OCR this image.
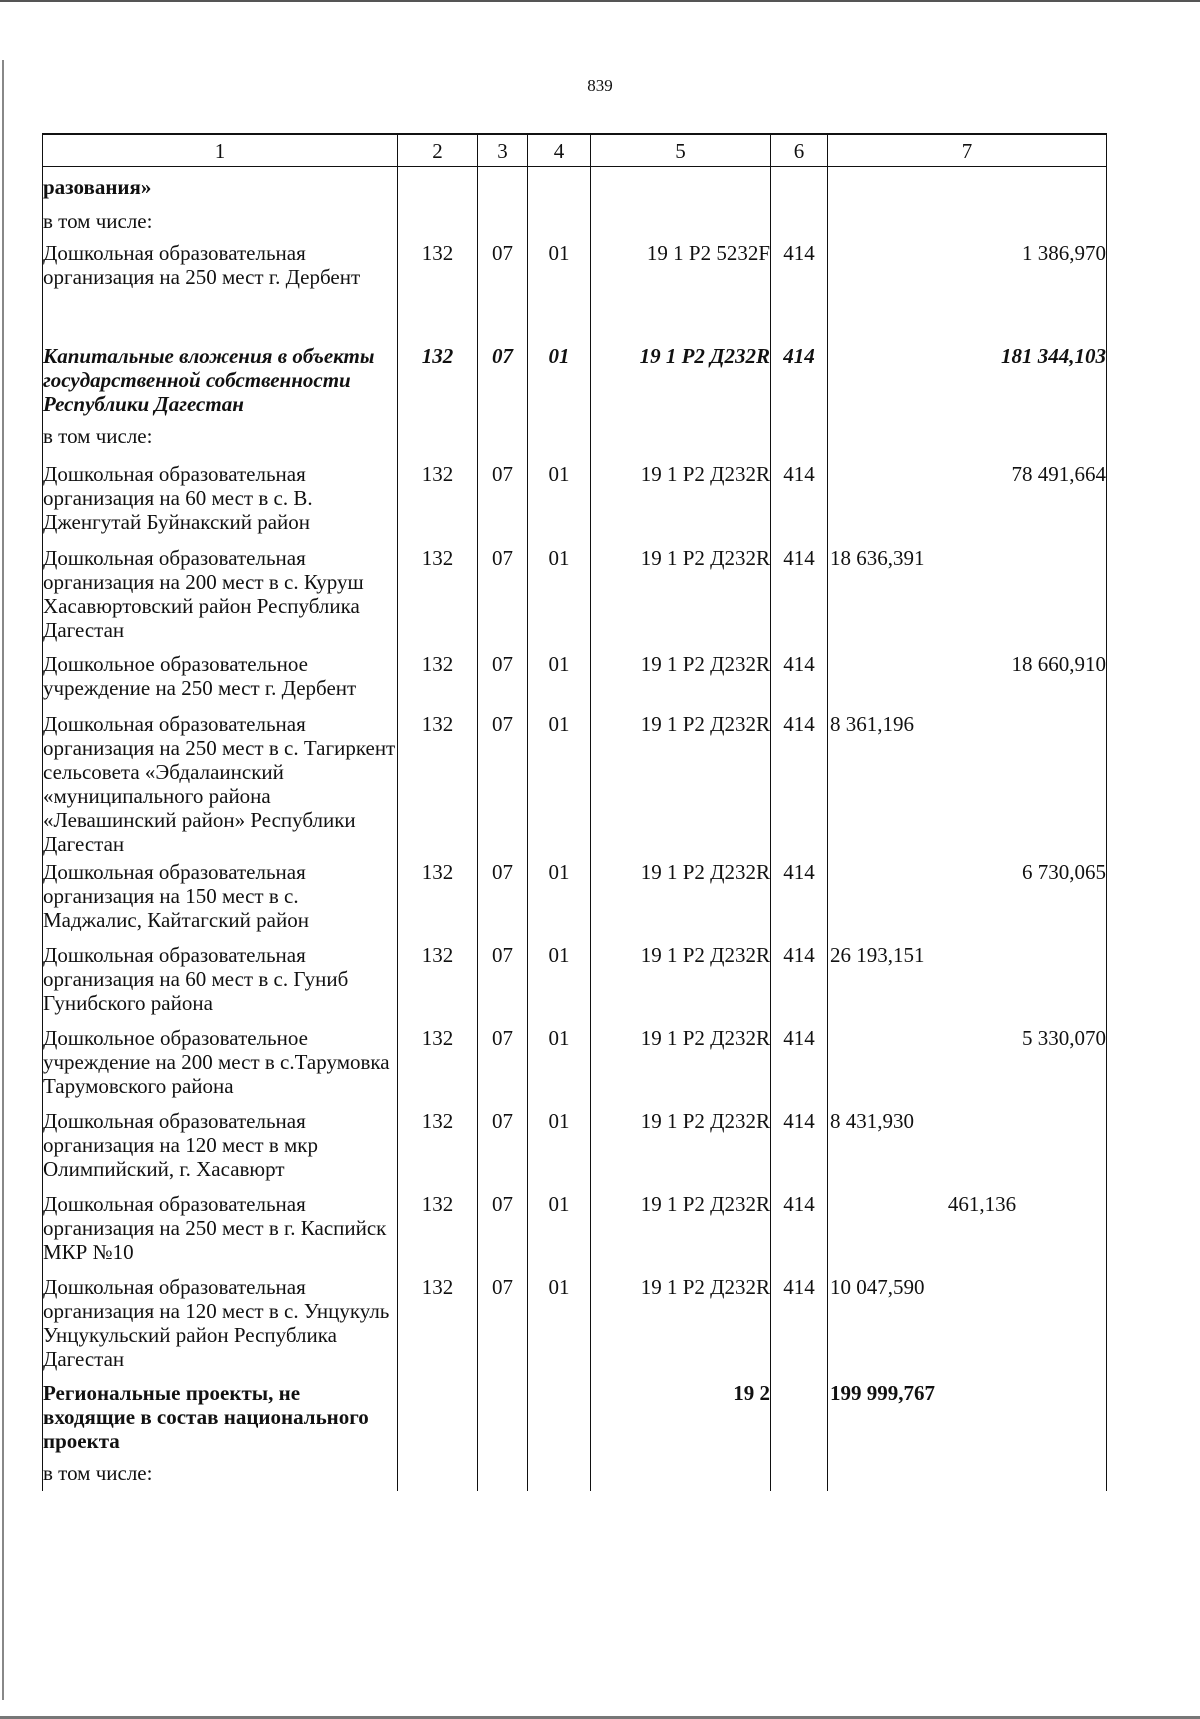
839
1	2	3	4	5	6	7
разования»						
в том числе:						
Дошкольная образовательная организация на 250 мест г. Дербент	132	07	01	19 1 Р2 5232F	414	1 386,970
Капитальные вложения в объекты государственной собственности Республики Дагестан	132	07	01	19 1 Р2 Д232R	414	181 344,103
в том числе:						
Дошкольная образовательная организация на 60 мест в с. В. Дженгутай Буйнакский район	132	07	01	19 1 Р2 Д232R	414	78 491,664
Дошкольная образовательная организация на 200 мест в с. Куруш Хасавюртовский район Республика Дагестан	132	07	01	19 1 Р2 Д232R	414	18 636,391
Дошкольное образовательное учреждение на 250 мест г. Дербент	132	07	01	19 1 Р2 Д232R	414	18 660,910
Дошкольная образовательная организация на 250 мест в с. Тагиркент сельсовета «Эбдалаинский «муниципального района «Левашинский район» Республики Дагестан	132	07	01	19 1 Р2 Д232R	414	8 361,196
Дошкольная образовательная организация на 150 мест в с. Маджалис, Кайтагский район	132	07	01	19 1 Р2 Д232R	414	6 730,065
Дошкольная образовательная организация на 60 мест в с. Гуниб Гунибского района	132	07	01	19 1 Р2 Д232R	414	26 193,151
Дошкольное образовательное учреждение на 200 мест в с.Тарумовка Тарумовского района	132	07	01	19 1 Р2 Д232R	414	5 330,070
Дошкольная образовательная организация на 120 мест в мкр Олимпийский, г. Хасавюрт	132	07	01	19 1 Р2 Д232R	414	8 431,930
Дошкольная образовательная организация на 250 мест в г. Каспийск МКР №10	132	07	01	19 1 Р2 Д232R	414	461,136
Дошкольная образовательная организация на 120 мест в с. Унцукуль Унцукульский район Республика Дагестан	132	07	01	19 1 Р2 Д232R	414	10 047,590
Региональные проекты, не входящие в состав национального проекта				19 2		199 999,767
в том числе:						
